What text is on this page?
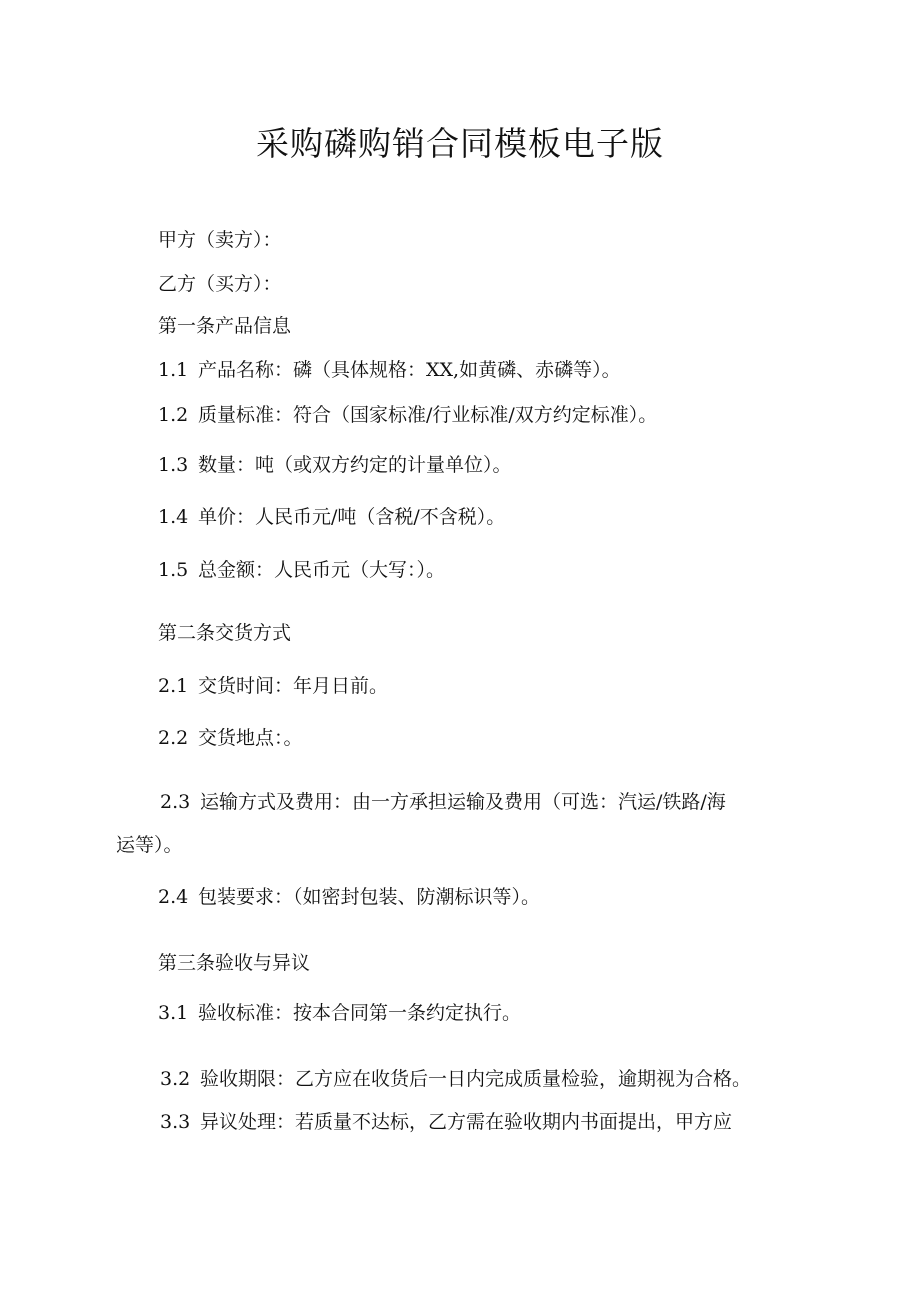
采购磷购销合同模板电子版
甲方（卖方）：
乙方（买方）：
第一条产品信息
1.1 产品名称：磷（具体规格：XX,如黄磷、赤磷等）。
1.2 质量标准：符合（国家标准/行业标准/双方约定标准）。
1.3 数量：吨（或双方约定的计量单位）。
1.4 单价：人民币元/吨（含税/不含税）。
1.5 总金额：人民币元（大写：）。
第二条交货方式
2.1 交货时间：年月日前。
2.2 交货地点：。
2.3 运输方式及费用：由一方承担运输及费用（可选：汽运/铁路/海
运等）。
2.4 包装要求：（如密封包装、防潮标识等）。
第三条验收与异议
3.1 验收标准：按本合同第一条约定执行。
3.2 验收期限：乙方应在收货后一日内完成质量检验，逾期视为合格。
3.3 异议处理：若质量不达标，乙方需在验收期内书面提出，甲方应
